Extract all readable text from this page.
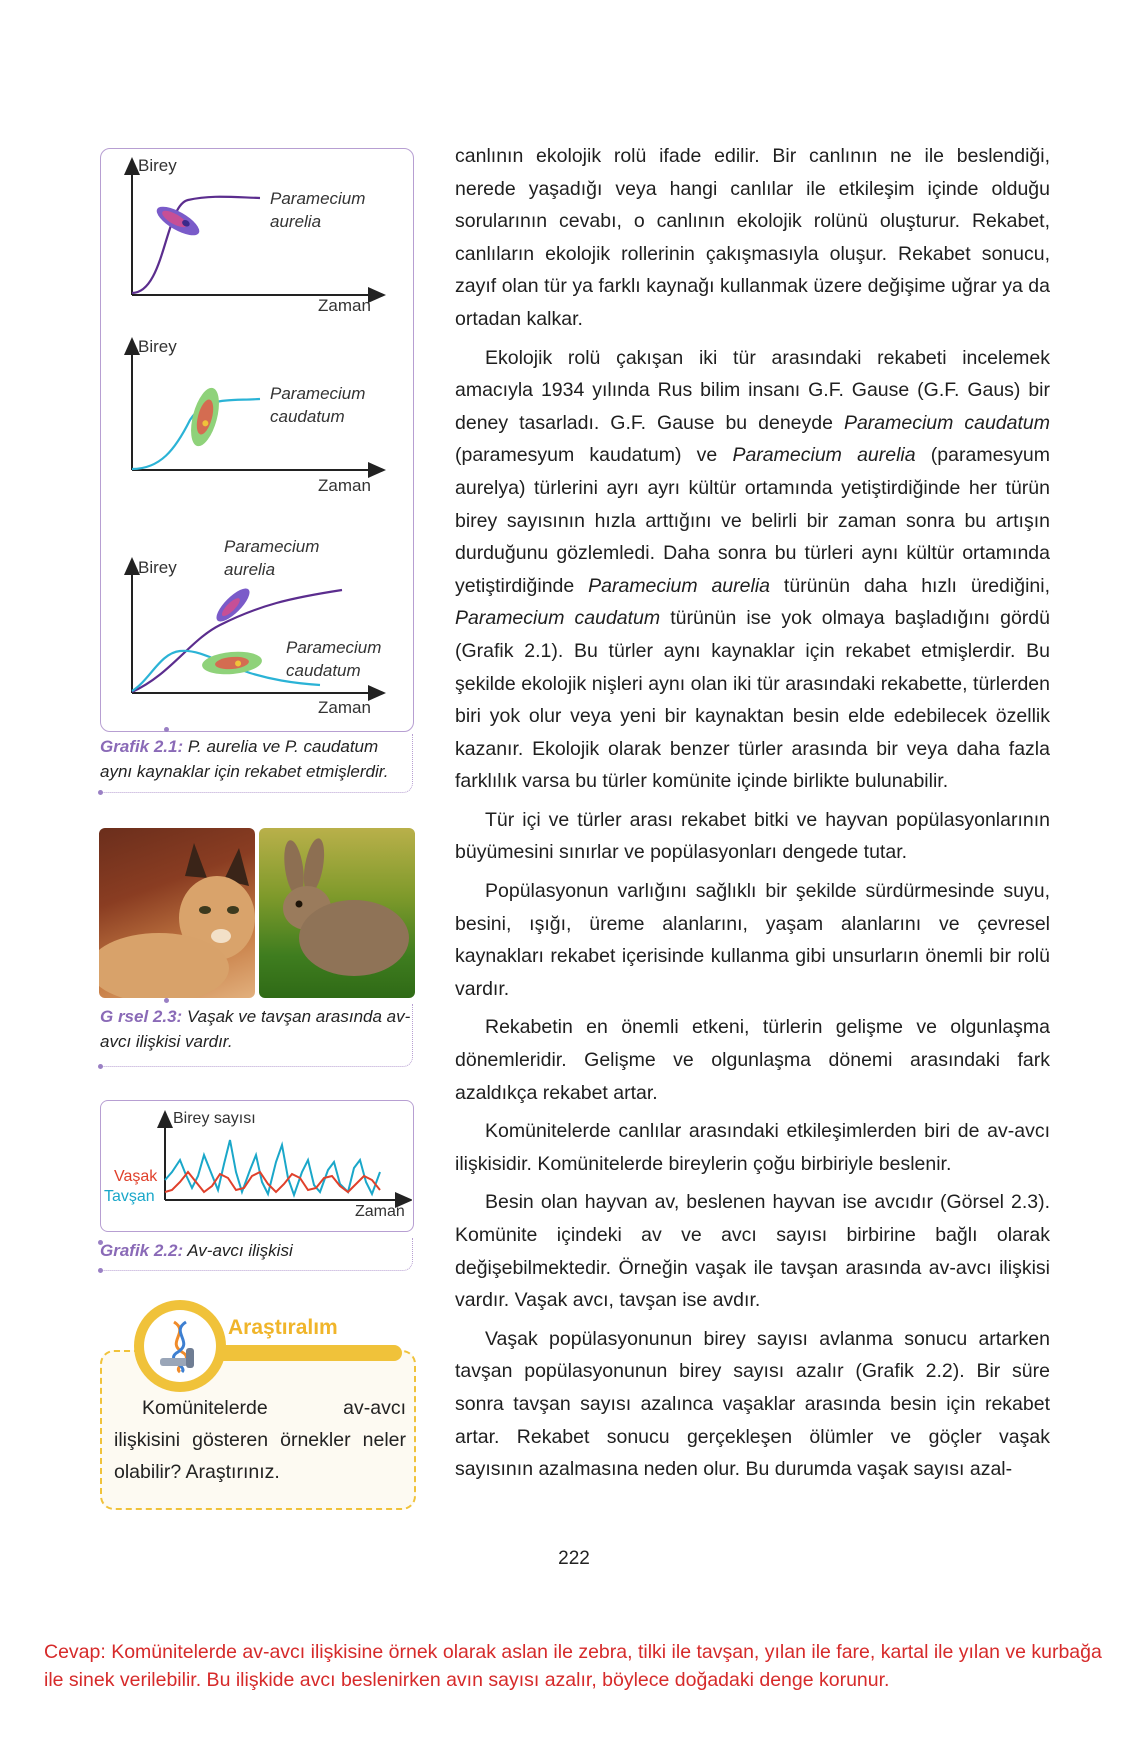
Birey
Zaman
Paramecium
aurelia
Birey
Zaman
Paramecium
caudatum
Birey
Zaman
Paramecium
aurelia
Paramecium
caudatum
Grafik 2.1: P. aurelia ve P. caudatum aynı kaynaklar için rekabet etmişlerdir.
G rsel 2.3: Vaşak ve tavşan arasında av-avcı ilişkisi vardır.
Birey sayısı
Zaman
Vaşak
Tavşan
Grafik 2.2: Av-avcı ilişkisi
Araştıralım
Komünitelerde av-avcı ilişkisini gösteren örnekler neler olabilir? Araştırınız.

canlının ekolojik rolü ifade edilir. Bir canlının ne ile beslendiği, nerede yaşadığı veya hangi canlılar ile etkileşim içinde olduğu sorularının cevabı, o canlının ekolojik rolünü oluşturur. Rekabet, canlıların ekolojik rollerinin çakışmasıyla oluşur. Rekabet sonucu, zayıf olan tür ya farklı kaynağı kullanmak üzere değişime uğrar ya da ortadan kalkar.

Ekolojik rolü çakışan iki tür arasındaki rekabeti incelemek amacıyla 1934 yılında Rus bilim insanı G.F. Gause (G.F. Gaus) bir deney tasarladı. G.F. Gause bu deneyde Paramecium caudatum (paramesyum kaudatum) ve Paramecium aurelia (paramesyum aurelya) türlerini ayrı ayrı kültür ortamında yetiştirdiğinde her türün birey sayısının hızla arttığını ve belirli bir zaman sonra bu artışın durduğunu gözlemledi. Daha sonra bu türleri aynı kültür ortamında yetiştirdiğinde Paramecium aurelia türünün daha hızlı ürediğini, Paramecium caudatum türünün ise yok olmaya başladığını gördü (Grafik 2.1). Bu türler aynı kaynaklar için rekabet etmişlerdir. Bu şekilde ekolojik nişleri aynı olan iki tür arasındaki rekabette, türlerden biri yok olur veya yeni bir kaynaktan besin elde edebilecek özellik kazanır. Ekolojik olarak benzer türler arasında bir veya daha fazla farklılık varsa bu türler komünite içinde birlikte bulunabilir.

Tür içi ve türler arası rekabet bitki ve hayvan popülasyonlarının büyümesini sınırlar ve popülasyonları dengede tutar.

Popülasyonun varlığını sağlıklı bir şekilde sürdürmesinde suyu, besini, ışığı, üreme alanlarını, yaşam alanlarını ve çevresel kaynakları rekabet içerisinde kullanma gibi unsurların önemli bir rolü vardır.

Rekabetin en önemli etkeni, türlerin gelişme ve olgunlaşma dönemleridir. Gelişme ve olgunlaşma dönemi arasındaki fark azaldıkça rekabet artar.

Komünitelerde canlılar arasındaki etkileşimlerden biri de av-avcı ilişkisidir. Komünitelerde bireylerin çoğu birbiriyle beslenir.

Besin olan hayvan av, beslenen hayvan ise avcıdır (Görsel 2.3). Komünite içindeki av ve avcı sayısı birbirine bağlı olarak değişebilmektedir. Örneğin vaşak ile tavşan arasında av-avcı ilişkisi vardır. Vaşak avcı, tavşan ise avdır.

Vaşak popülasyonunun birey sayısı avlanma sonucu artarken tavşan popülasyonunun birey sayısı azalır (Grafik 2.2). Bir süre sonra tavşan sayısı azalınca vaşaklar arasında besin için rekabet artar. Rekabet sonucu gerçekleşen ölümler ve göçler vaşak sayısının azalmasına neden olur. Bu durumda vaşak sayısı azal-

222
Cevap: Komünitelerde av-avcı ilişkisine örnek olarak aslan ile zebra, tilki ile tavşan, yılan ile fare, kartal ile yılan ve kurbağa ile sinek verilebilir. Bu ilişkide avcı beslenirken avın sayısı azalır, böylece doğadaki denge korunur.
